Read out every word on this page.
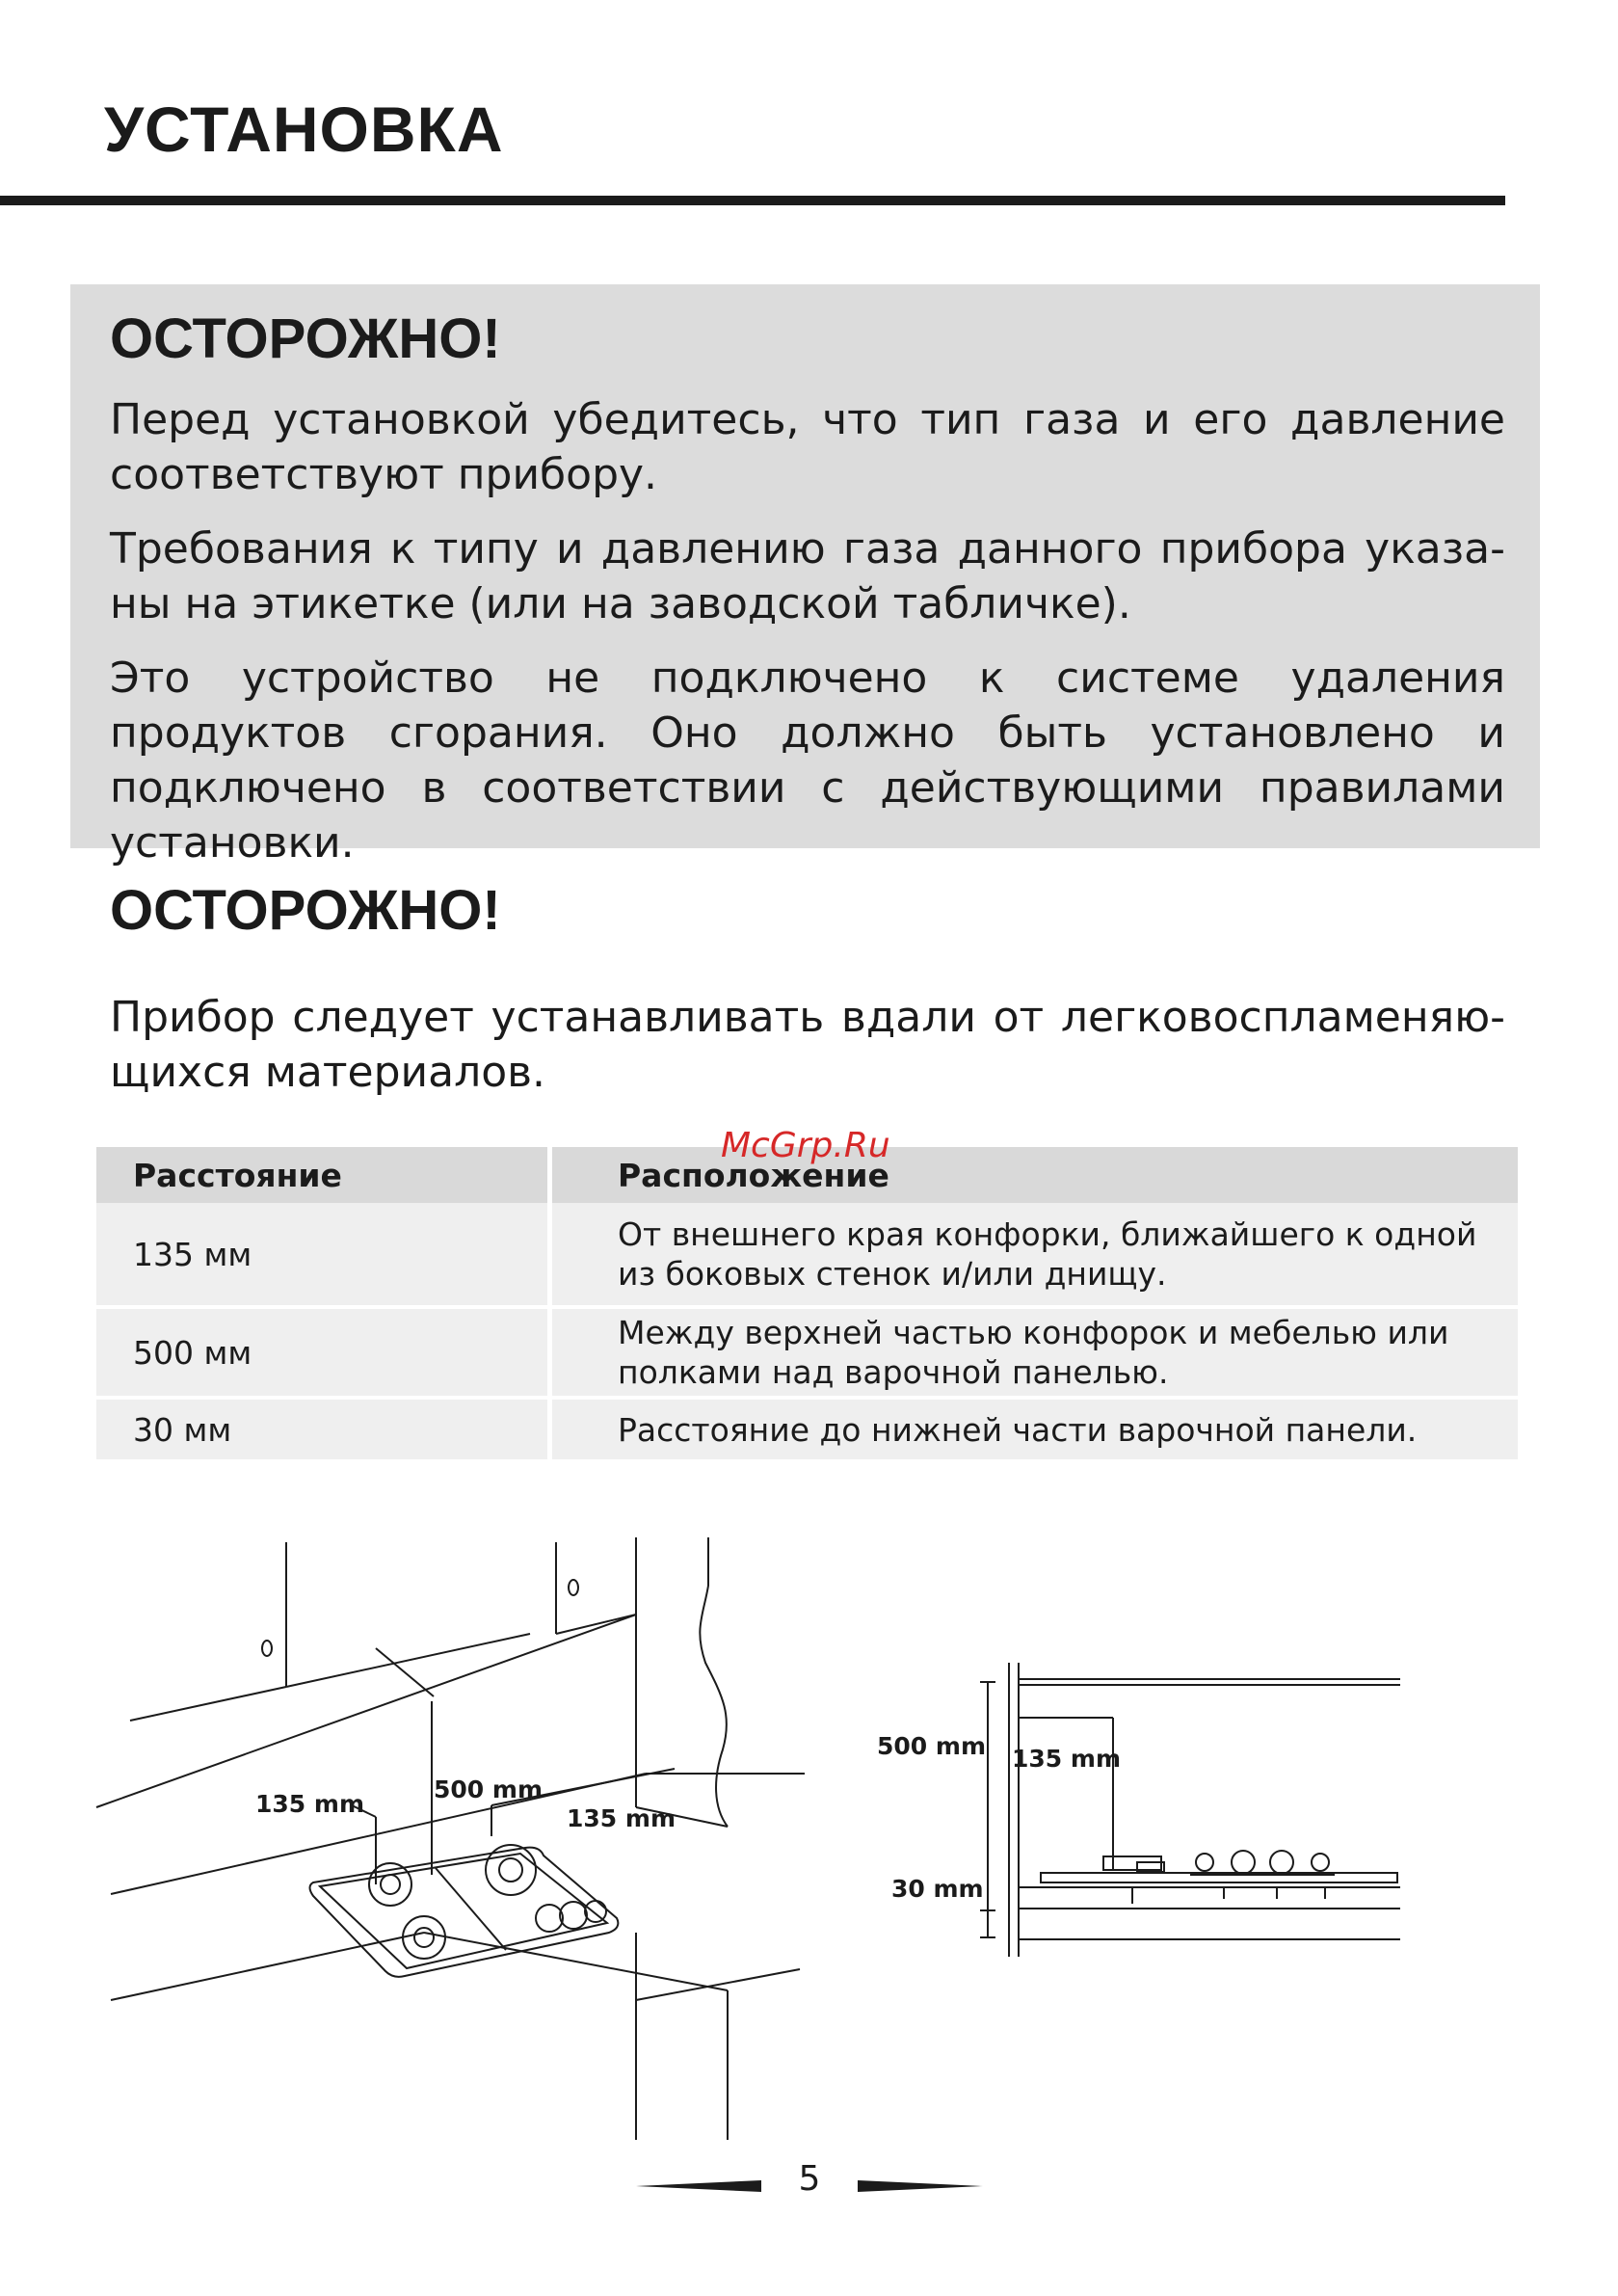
УСТАНОВКА
ОСТОРОЖНО!

Перед установкой убедитесь, что тип газа и его давление соответствуют прибору.

Требования к типу и давлению газа данного прибора указа-ны на этикетке (или на заводской табличке).

Это устройство не подключено к системе удаления продуктов сгорания. Оно должно быть установлено и подключено в соответствии с действующими правилами установки.

ОСТОРОЖНО!

Прибор следует устанавливать вдали от легковоспламеняю-щихся материалов.

Расстояние	Расположение
135 мм	От внешнего края конфорки, ближайшего к одной из боковых стенок и/или днищу.
500 мм	Между верхней частью конфорок и мебелью или полками над варочной панелью.
30 мм	Расстояние до нижней части варочной панели.

McGrp.Ru

135 mm
500 mm
135 mm
500 mm 135 mm
30 mm
5
